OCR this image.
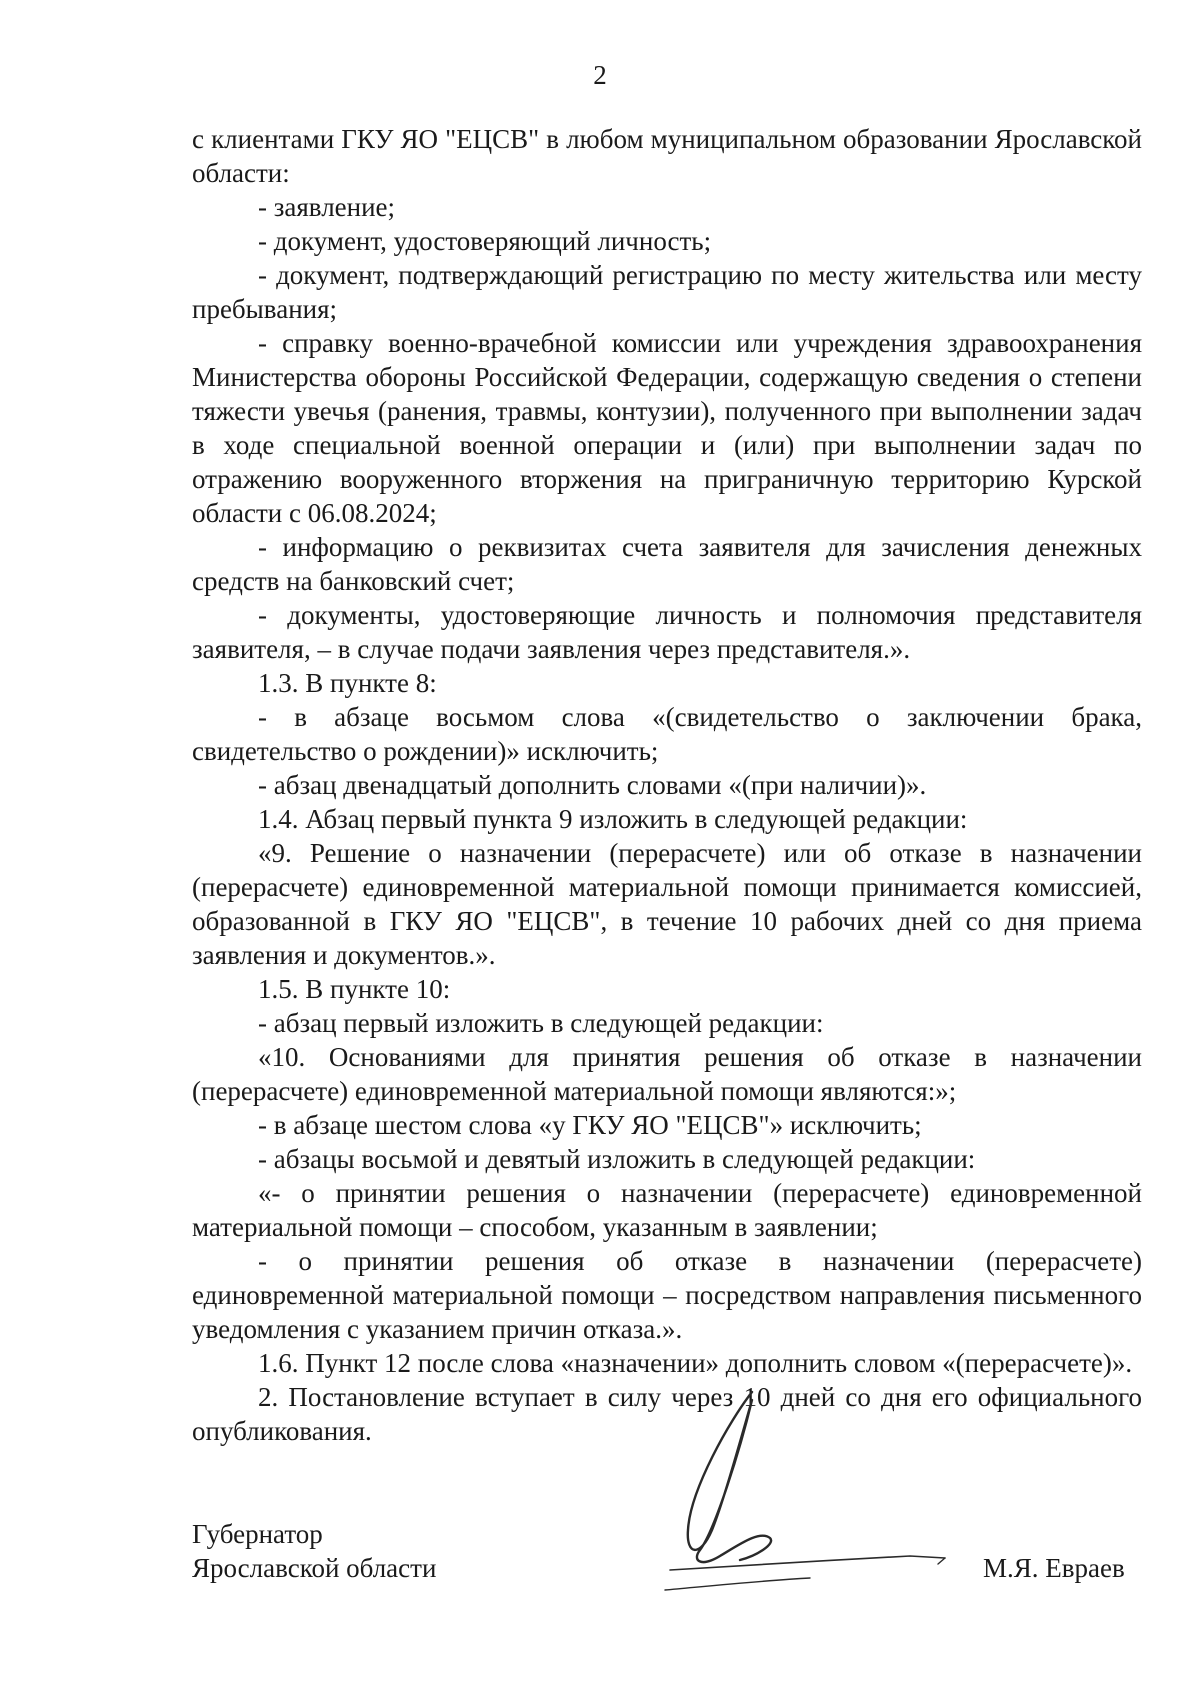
2

с клиентами ГКУ ЯО "ЕЦСВ" в любом муниципальном образовании Ярославской области:

- заявление;

- документ, удостоверяющий личность;

- документ, подтверждающий регистрацию по месту жительства или месту пребывания;

- справку военно-врачебной комиссии или учреждения здравоохранения Министерства обороны Российской Федерации, содержащую сведения о степени тяжести увечья (ранения, травмы, контузии), полученного при выполнении задач в ходе специальной военной операции и (или) при выполнении задач по отражению вооруженного вторжения на приграничную территорию Курской области с 06.08.2024;

- информацию о реквизитах счета заявителя для зачисления денежных средств на банковский счет;

- документы, удостоверяющие личность и полномочия представителя заявителя, – в случае подачи заявления через представителя.».

1.3. В пункте 8:

- в абзаце восьмом слова «(свидетельство о заключении брака, свидетельство о рождении)» исключить;

- абзац двенадцатый дополнить словами «(при наличии)».

1.4. Абзац первый пункта 9 изложить в следующей редакции:

«9. Решение о назначении (перерасчете) или об отказе в назначении (перерасчете) единовременной материальной помощи принимается комиссией, образованной в ГКУ ЯО "ЕЦСВ", в течение 10 рабочих дней со дня приема заявления и документов.».

1.5. В пункте 10:

- абзац первый изложить в следующей редакции:

«10. Основаниями для принятия решения об отказе в назначении (перерасчете) единовременной материальной помощи являются:»;

- в абзаце шестом слова «у ГКУ ЯО "ЕЦСВ"» исключить;

- абзацы восьмой и девятый изложить в следующей редакции:

«- о принятии решения о назначении (перерасчете) единовременной материальной помощи – способом, указанным в заявлении;

- о принятии решения об отказе в назначении (перерасчете) единовременной материальной помощи – посредством направления письменного уведомления с указанием причин отказа.».

1.6. Пункт 12 после слова «назначении» дополнить словом «(перерасчете)».

2. Постановление вступает в силу через 10 дней со дня его официального опубликования.

Губернатор
Ярославской области	М.Я. Евраев
